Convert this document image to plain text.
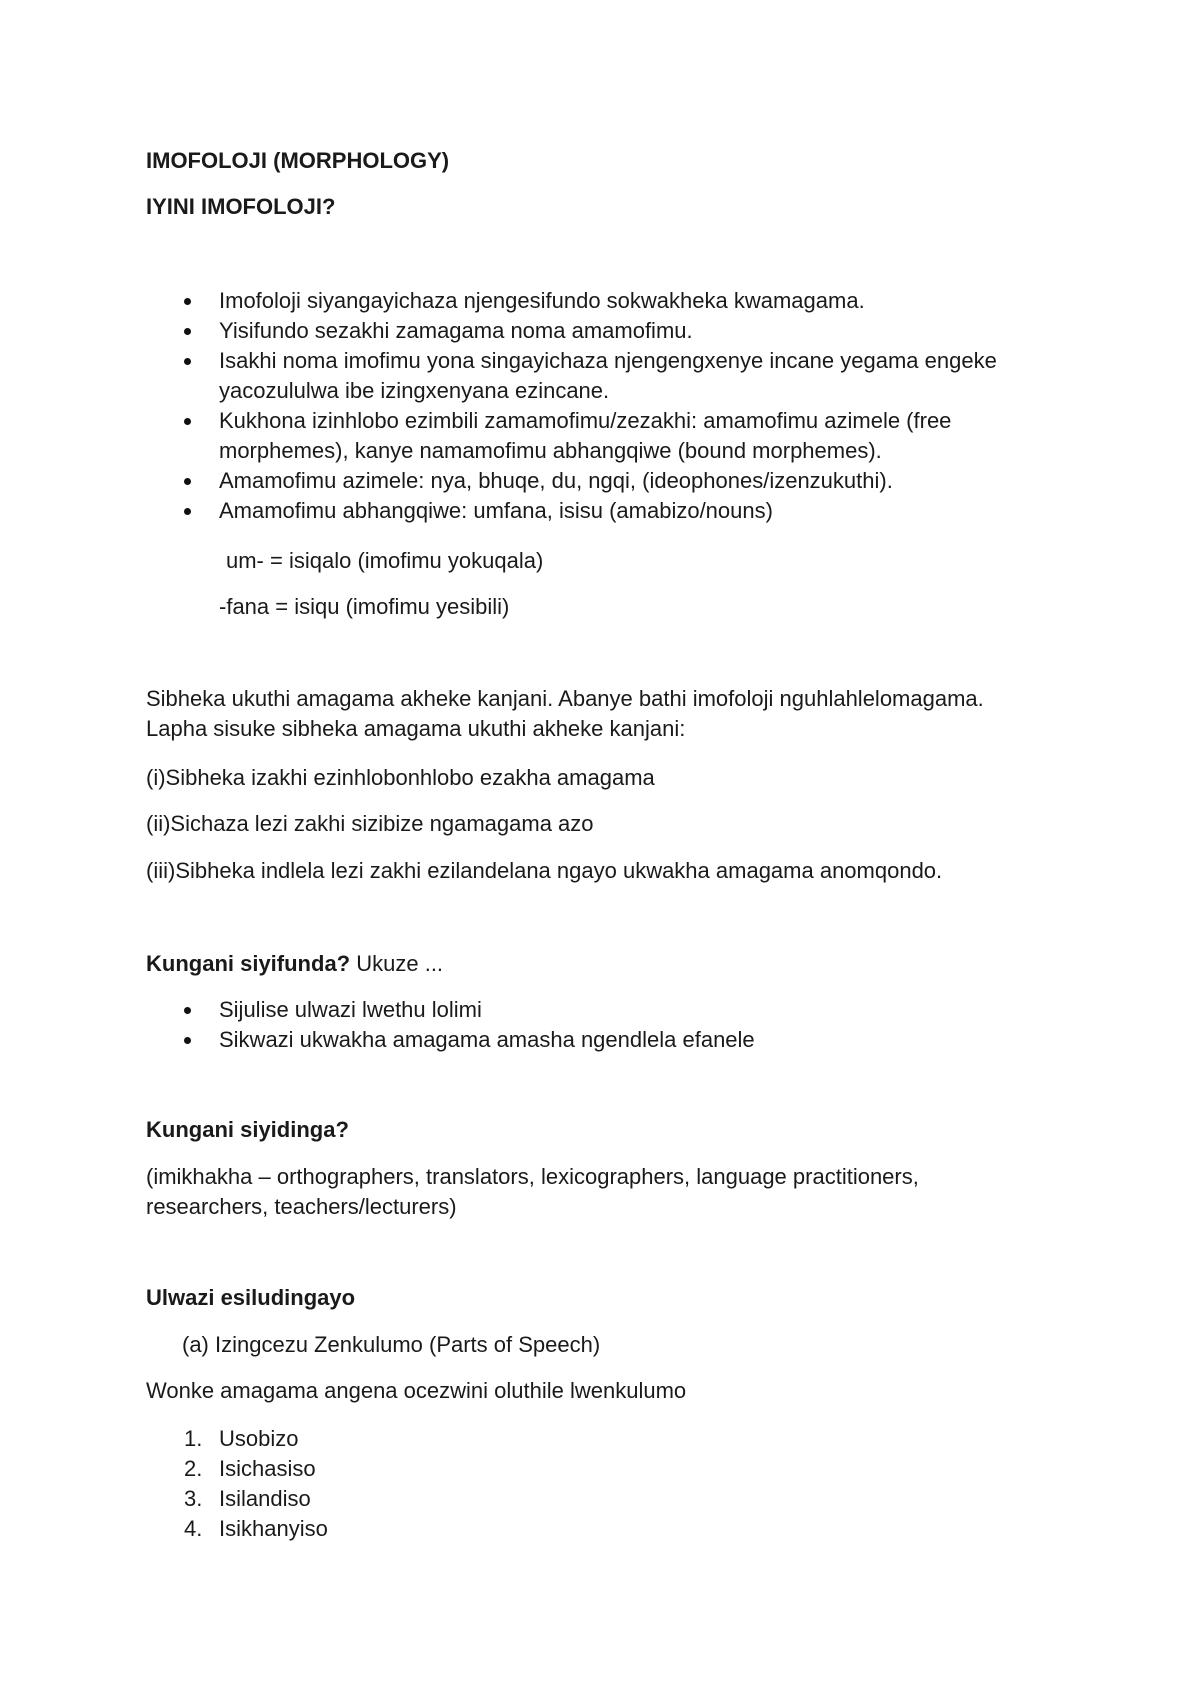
IMOFOLOJI (MORPHOLOGY)

IYINI IMOFOLOJI?

Imofoloji siyangayichaza njengesifundo sokwakheka kwamagama.
Yisifundo sezakhi zamagama noma amamofimu.
Isakhi noma imofimu yona singayichaza njengengxenye incane yegama engeke yacozululwa ibe izingxenyana ezincane.
Kukhona izinhlobo ezimbili zamamofimu/zezakhi: amamofimu azimele (free morphemes), kanye namamofimu abhangqiwe (bound morphemes).
Amamofimu azimele: nya, bhuqe, du, ngqi, (ideophones/izenzukuthi).
Amamofimu abhangqiwe: umfana, isisu (amabizo/nouns)

um- = isiqalo (imofimu yokuqala)

-fana = isiqu (imofimu yesibili)

Sibheka ukuthi amagama akheke kanjani. Abanye bathi imofoloji nguhlahlelomagama. Lapha sisuke sibheka amagama ukuthi akheke kanjani:

(i)Sibheka izakhi ezinhlobonhlobo ezakha amagama

(ii)Sichaza lezi zakhi sizibize ngamagama azo

(iii)Sibheka indlela lezi zakhi ezilandelana ngayo ukwakha amagama anomqondo.

Kungani siyifunda? Ukuze ...

Sijulise ulwazi lwethu lolimi
Sikwazi ukwakha amagama amasha ngendlela efanele

Kungani siyidinga?

(imikhakha – orthographers, translators, lexicographers, language practitioners, researchers, teachers/lecturers)

Ulwazi esiludingayo

(a) Izingcezu Zenkulumo (Parts of Speech)

Wonke amagama angena ocezwini oluthile lwenkulumo

1. Usobizo
2. Isichasiso
3. Isilandiso
4. Isikhanyiso
